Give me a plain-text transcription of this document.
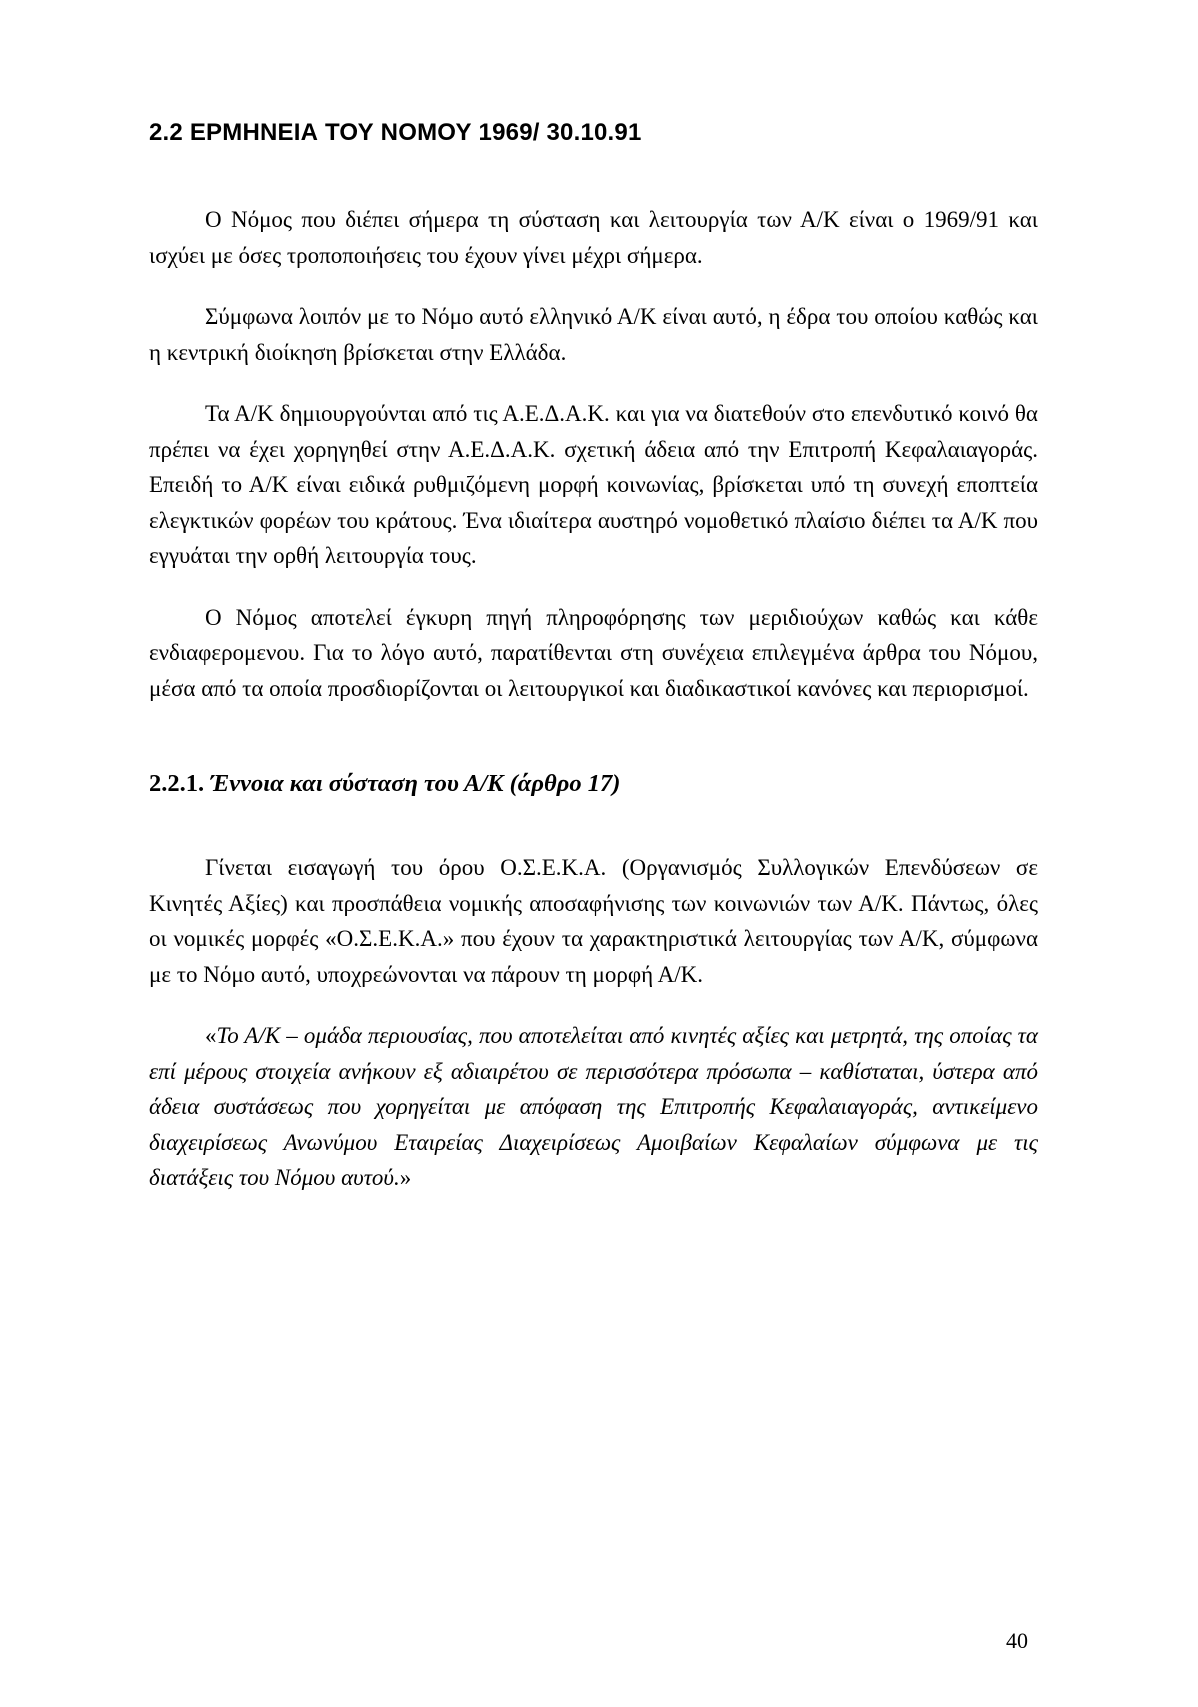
2.2 ΕΡΜΗΝΕΙΑ ΤΟΥ ΝΟΜΟΥ 1969/ 30.10.91

Ο Νόμος που διέπει σήμερα τη σύσταση και λειτουργία των Α/Κ είναι ο 1969/91 και ισχύει με όσες τροποποιήσεις του έχουν γίνει μέχρι σήμερα.

Σύμφωνα λοιπόν με το Νόμο αυτό ελληνικό Α/Κ είναι αυτό, η έδρα του οποίου καθώς και η κεντρική διοίκηση βρίσκεται στην Ελλάδα.

Τα Α/Κ δημιουργούνται από τις Α.Ε.Δ.Α.Κ. και για να διατεθούν στο επενδυτικό κοινό θα πρέπει να έχει χορηγηθεί στην Α.Ε.Δ.Α.Κ. σχετική άδεια από την Επιτροπή Κεφαλαιαγοράς. Επειδή το Α/Κ είναι ειδικά ρυθμιζόμενη μορφή κοινωνίας, βρίσκεται υπό τη συνεχή εποπτεία ελεγκτικών φορέων του κράτους. Ένα ιδιαίτερα αυστηρό νομοθετικό πλαίσιο διέπει τα Α/Κ που εγγυάται την ορθή λειτουργία τους.

Ο Νόμος αποτελεί έγκυρη πηγή πληροφόρησης των μεριδιούχων καθώς και κάθε ενδιαφερομενου. Για το λόγο αυτό, παρατίθενται στη συνέχεια επιλεγμένα άρθρα του Νόμου, μέσα από τα οποία προσδιορίζονται οι λειτουργικοί και διαδικαστικοί κανόνες και περιορισμοί.

2.2.1. Έννοια και σύσταση του Α/Κ (άρθρο 17)

Γίνεται εισαγωγή του όρου Ο.Σ.Ε.Κ.Α. (Οργανισμός Συλλογικών Επενδύσεων σε Κινητές Αξίες) και προσπάθεια νομικής αποσαφήνισης των κοινωνιών των Α/Κ. Πάντως, όλες οι νομικές μορφές «Ο.Σ.Ε.Κ.Α.» που έχουν τα χαρακτηριστικά λειτουργίας των Α/Κ, σύμφωνα με το Νόμο αυτό, υποχρεώνονται να πάρουν τη μορφή Α/Κ.

«Το Α/Κ – ομάδα περιουσίας, που αποτελείται από κινητές αξίες και μετρητά, της οποίας τα επί μέρους στοιχεία ανήκουν εξ αδιαιρέτου σε περισσότερα πρόσωπα – καθίσταται, ύστερα από άδεια συστάσεως που χορηγείται με απόφαση της Επιτροπής Κεφαλαιαγοράς, αντικείμενο διαχειρίσεως Ανωνύμου Εταιρείας Διαχειρίσεως Αμοιβαίων Κεφαλαίων σύμφωνα με τις διατάξεις του Νόμου αυτού.»

40
